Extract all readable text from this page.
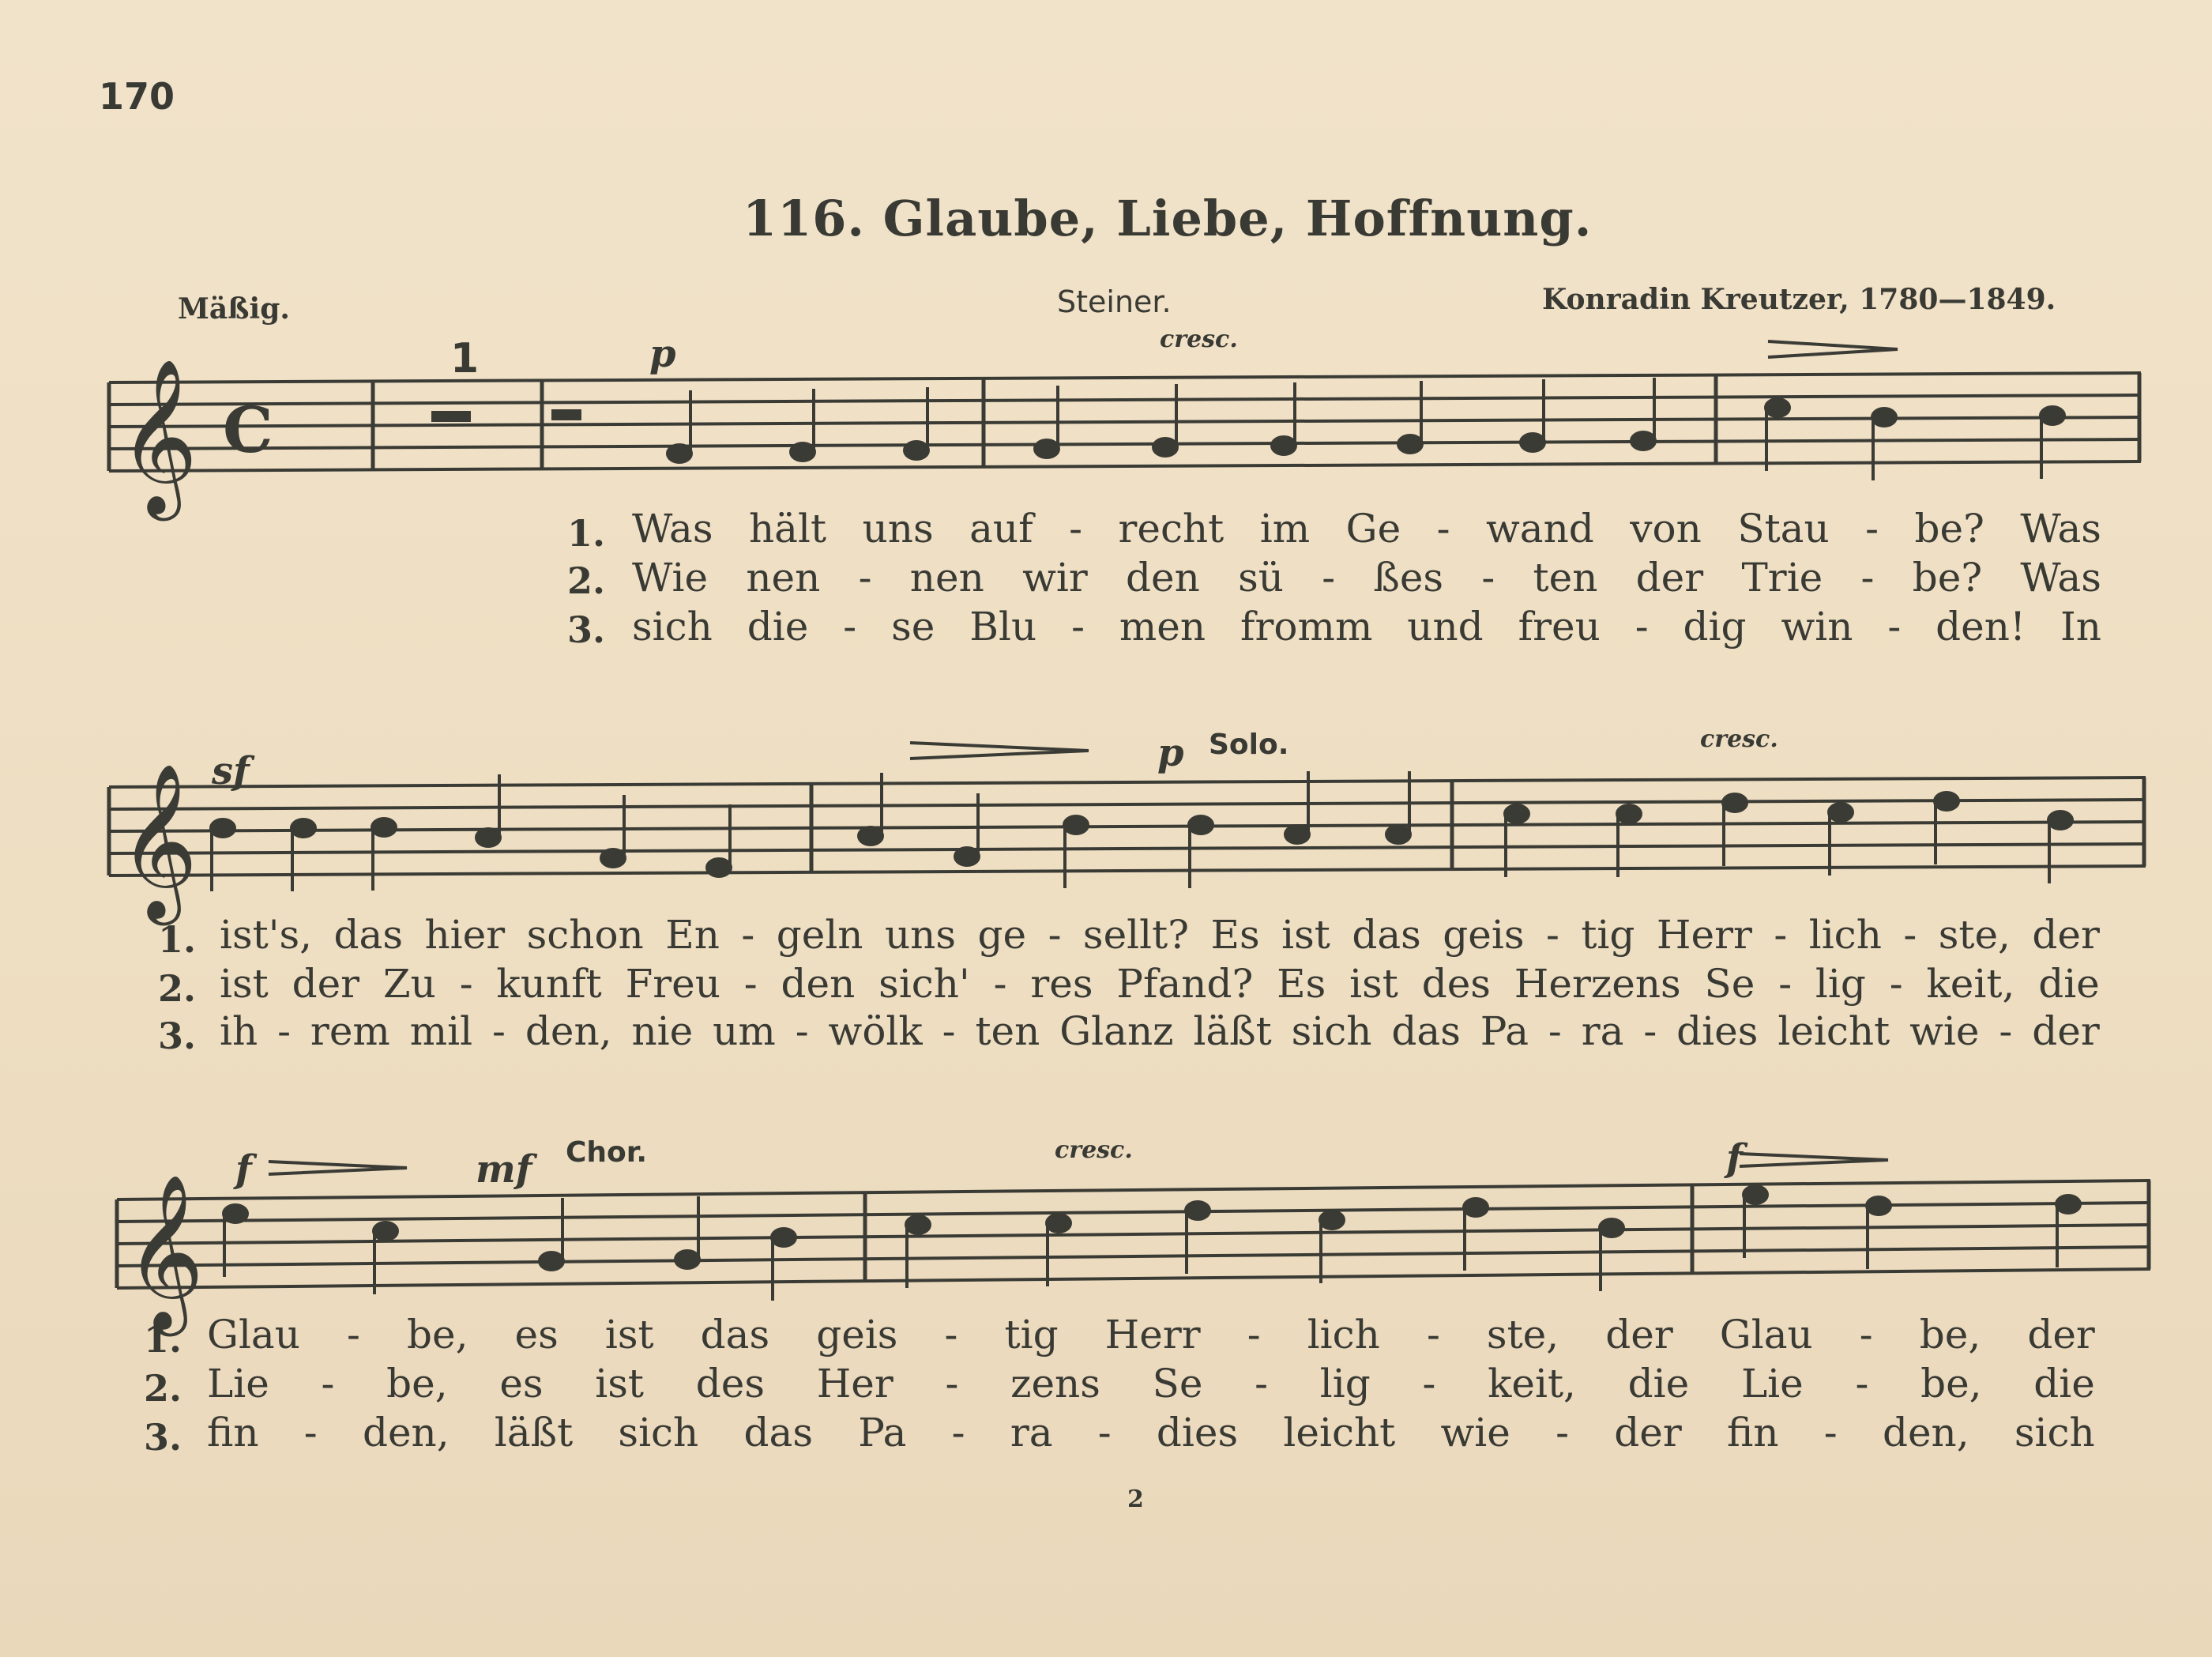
170
116. Glaube, Liebe, Hoffnung.
Mäßig.	Steiner.	Konradin Kreutzer, 1780—1849.
𝄞
𝄞
𝄞
C
1	p	cresc.
sf	p Solo.	cresc.
f	mf Chor.	cresc.	f
1.
2.
3.
Was hält uns auf - recht im Ge - wand von Stau - be? Was
Wie nen - nen wir den sü - ßes - ten der Trie - be? Was
sich die - se Blu - men fromm und freu - dig win - den! In
1.
2.
3.
ist's, das hier schon En - geln uns ge - sellt? Es ist das geis - tig Herr - lich - ste, der
ist der Zu - kunft Freu - den sich' - res Pfand? Es ist des Herzens Se - lig - keit, die
ih - rem mil - den, nie um - wölk - ten Glanz läßt sich das Pa - ra - dies leicht wie - der
1.
2.
3.
Glau - be, es ist das geis - tig Herr - lich - ste, der Glau - be, der
Lie - be, es ist des Her - zens Se - lig - keit, die Lie - be, die
fin - den, läßt sich das Pa - ra - dies leicht wie - der fin - den, sich
2
